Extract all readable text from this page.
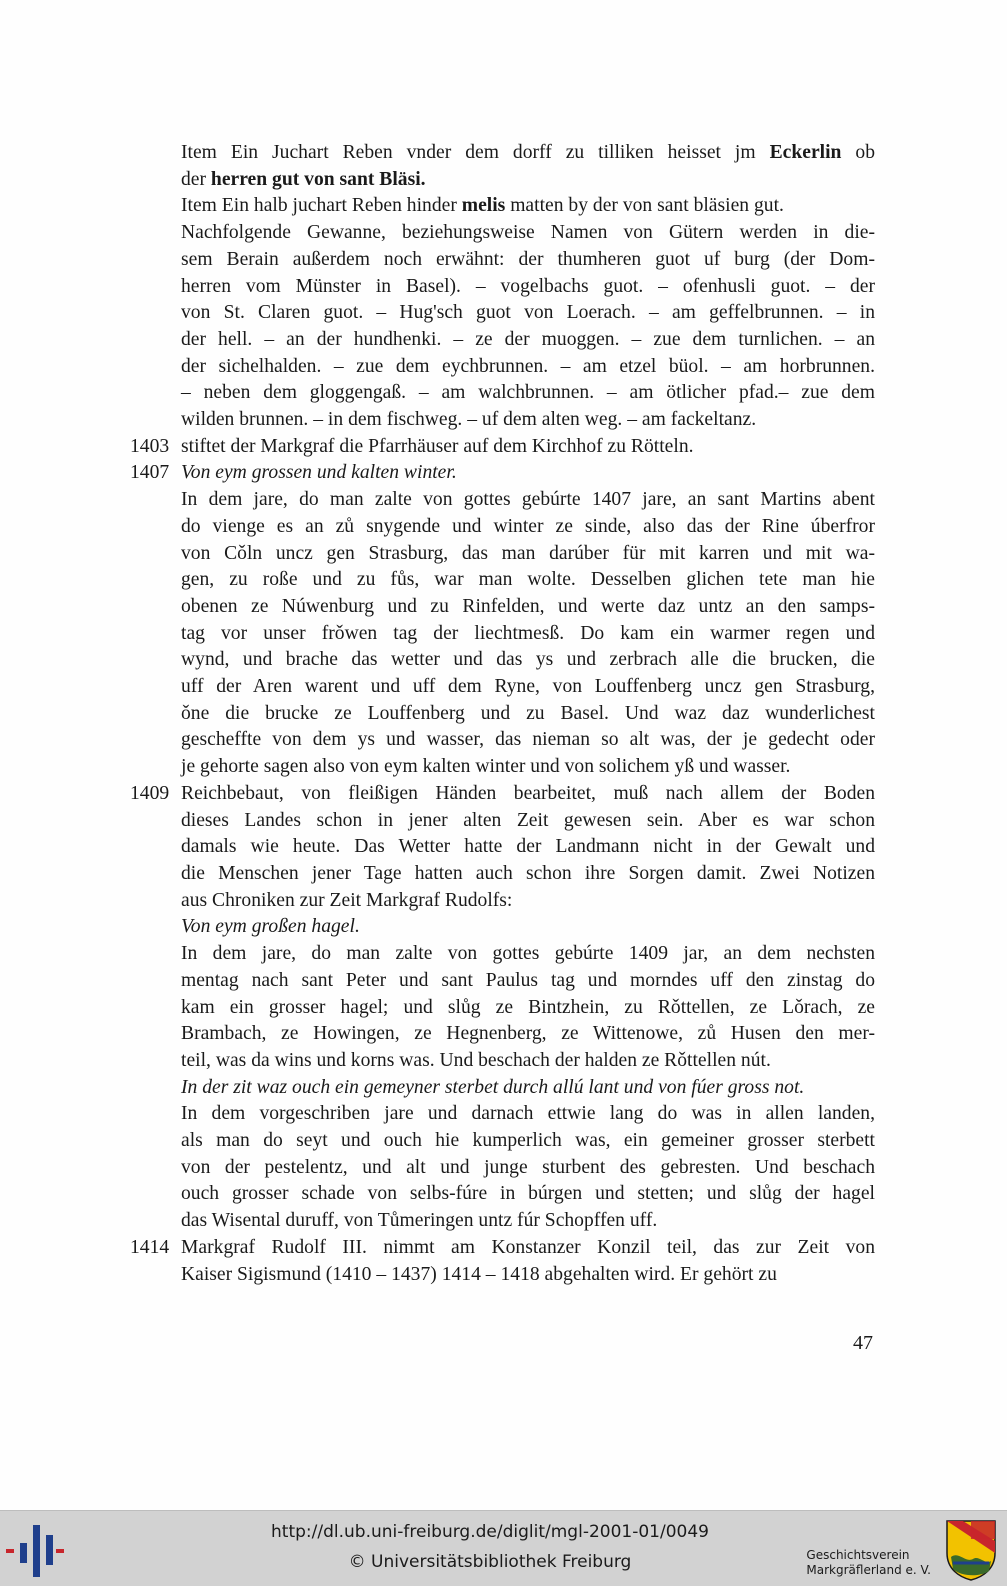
Item Ein Juchart Reben vnder dem dorff zu tilliken heisset jm Eckerlin ob
der herren gut von sant Bläsi.
Item Ein halb juchart Reben hinder melis matten by der von sant bläsien gut.
Nachfolgende Gewanne, beziehungsweise Namen von Gütern werden in die-
sem Berain außerdem noch erwähnt: der thumheren guot uf burg (der Dom-
herren vom Münster in Basel). – vogelbachs guot. – ofenhusli guot. – der
von St. Claren guot. – Hug'sch guot von Loerach. – am geffelbrunnen. – in
der hell. – an der hundhenki. – ze der muoggen. – zue dem turnlichen. – an
der sichelhalden. – zue dem eychbrunnen. – am etzel büol. – am horbrunnen.
– neben dem gloggengaß. – am walchbrunnen. – am ötlicher pfad.– zue dem
wilden brunnen. – in dem fischweg. – uf dem alten weg. – am fackeltanz.
1403 stiftet der Markgraf die Pfarrhäuser auf dem Kirchhof zu Rötteln.
1407 Von eym grossen und kalten winter.
In dem jare, do man zalte von gottes gebúrte 1407 jare, an sant Martins abent
do vienge es an zů snygende und winter ze sinde, also das der Rine úberfror
von Cǒln uncz gen Strasburg, das man darúber für mit karren und mit wa-
gen, zu roße und zu fůs, war man wolte. Desselben glichen tete man hie
obenen ze Núwenburg und zu Rinfelden, und werte daz untz an den samps-
tag vor unser frǒwen tag der liechtmesß. Do kam ein warmer regen und
wynd, und brache das wetter und das ys und zerbrach alle die brucken, die
uff der Aren warent und uff dem Ryne, von Louffenberg uncz gen Strasburg,
ǒne die brucke ze Louffenberg und zu Basel. Und waz daz wunderlichest
gescheffte von dem ys und wasser, das nieman so alt was, der je gedecht oder
je gehorte sagen also von eym kalten winter und von solichem yß und wasser.
1409 Reichbebaut, von fleißigen Händen bearbeitet, muß nach allem der Boden
dieses Landes schon in jener alten Zeit gewesen sein. Aber es war schon
damals wie heute. Das Wetter hatte der Landmann nicht in der Gewalt und
die Menschen jener Tage hatten auch schon ihre Sorgen damit. Zwei Notizen
aus Chroniken zur Zeit Markgraf Rudolfs:
Von eym großen hagel.
In dem jare, do man zalte von gottes gebúrte 1409 jar, an dem nechsten
mentag nach sant Peter und sant Paulus tag und morndes uff den zinstag do
kam ein grosser hagel; und slůg ze Bintzhein, zu Rǒttellen, ze Lǒrach, ze
Brambach, ze Howingen, ze Hegnenberg, ze Wittenowe, zů Husen den mer-
teil, was da wins und korns was. Und beschach der halden ze Rǒttellen nút.
In der zit waz ouch ein gemeyner sterbet durch allú lant und von fúer gross not.
In dem vorgeschriben jare und darnach ettwie lang do was in allen landen,
als man do seyt und ouch hie kumperlich was, ein gemeiner grosser sterbett
von der pestelentz, und alt und junge sturbent des gebresten. Und beschach
ouch grosser schade von selbs-fúre in búrgen und stetten; und slůg der hagel
das Wisental duruff, von Tůmeringen untz fúr Schopffen uff.
1414 Markgraf Rudolf III. nimmt am Konstanzer Konzil teil, das zur Zeit von
Kaiser Sigismund (1410 – 1437) 1414 – 1418 abgehalten wird. Er gehört zu
47
http://dl.ub.uni-freiburg.de/diglit/mgl-2001-01/0049
© Universitätsbibliothek Freiburg	Geschichtsverein
Markgräflerland e. V.
